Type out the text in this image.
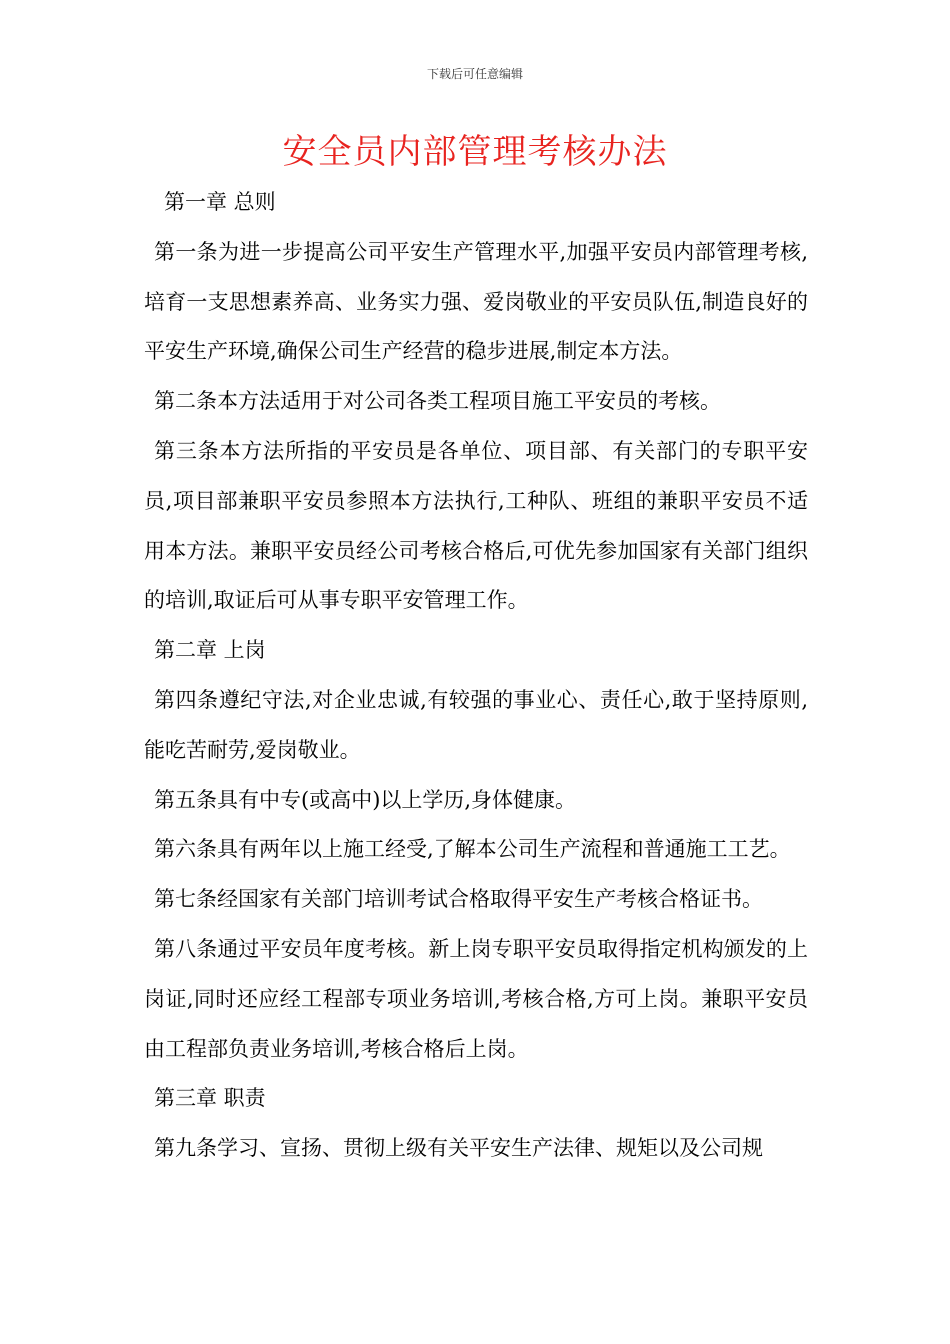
下载后可任意编辑
安全员内部管理考核办法

第一章 总则

第一条为进一步提高公司平安生产管理水平,加强平安员内部管理考核,培育一支思想素养高、业务实力强、爱岗敬业的平安员队伍,制造良好的平安生产环境,确保公司生产经营的稳步进展,制定本方法。

第二条本方法适用于对公司各类工程项目施工平安员的考核。

第三条本方法所指的平安员是各单位、项目部、有关部门的专职平安员,项目部兼职平安员参照本方法执行,工种队、班组的兼职平安员不适用本方法。兼职平安员经公司考核合格后,可优先参加国家有关部门组织的培训,取证后可从事专职平安管理工作。

第二章 上岗

第四条遵纪守法,对企业忠诚,有较强的事业心、责任心,敢于坚持原则,能吃苦耐劳,爱岗敬业。

第五条具有中专(或高中)以上学历,身体健康。

第六条具有两年以上施工经受,了解本公司生产流程和普通施工工艺。

第七条经国家有关部门培训考试合格取得平安生产考核合格证书。

第八条通过平安员年度考核。新上岗专职平安员取得指定机构颁发的上岗证,同时还应经工程部专项业务培训,考核合格,方可上岗。兼职平安员由工程部负责业务培训,考核合格后上岗。

第三章 职责

第九条学习、宣扬、贯彻上级有关平安生产法律、规矩以及公司规
